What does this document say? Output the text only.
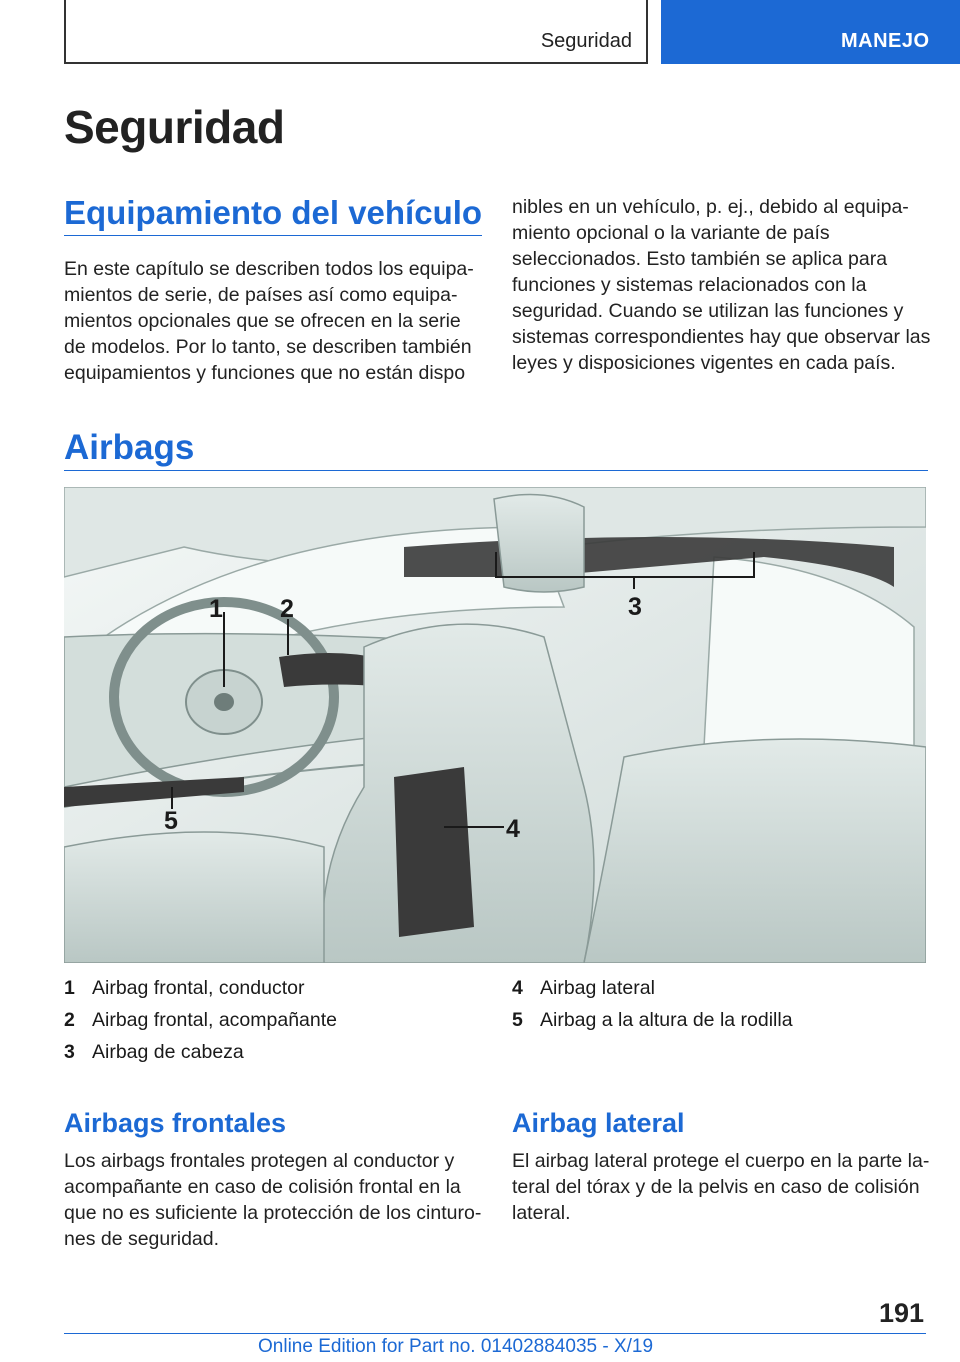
Seguridad	MANEJO
Seguridad
Equipamiento del vehículo
En este capítulo se describen todos los equipamientos de serie, de países así como equipamientos opcionales que se ofrecen en la serie de modelos. Por lo tanto, se describen también equipamientos y funciones que no están dispo
nibles en un vehículo, p. ej., debido al equipamiento opcional o la variante de país seleccionados. Esto también se aplica para funciones y sistemas relacionados con la seguridad. Cuando se utilizan las funciones y sistemas correspondientes hay que observar las leyes y disposiciones vigentes en cada país.
Airbags
1 2	3
4
5
1 Airbag frontal, conductor
2 Airbag frontal, acompañante
3 Airbag de cabeza
4 Airbag lateral
5 Airbag a la altura de la rodilla
Airbags frontales
Los airbags frontales protegen al conductor y acompañante en caso de colisión frontal en la que no es suficiente la protección de los cinturones de seguridad.
Airbag lateral
El airbag lateral protege el cuerpo en la parte lateral del tórax y de la pelvis en caso de colisión lateral.
191
Online Edition for Part no. 01402884035 - X/19
